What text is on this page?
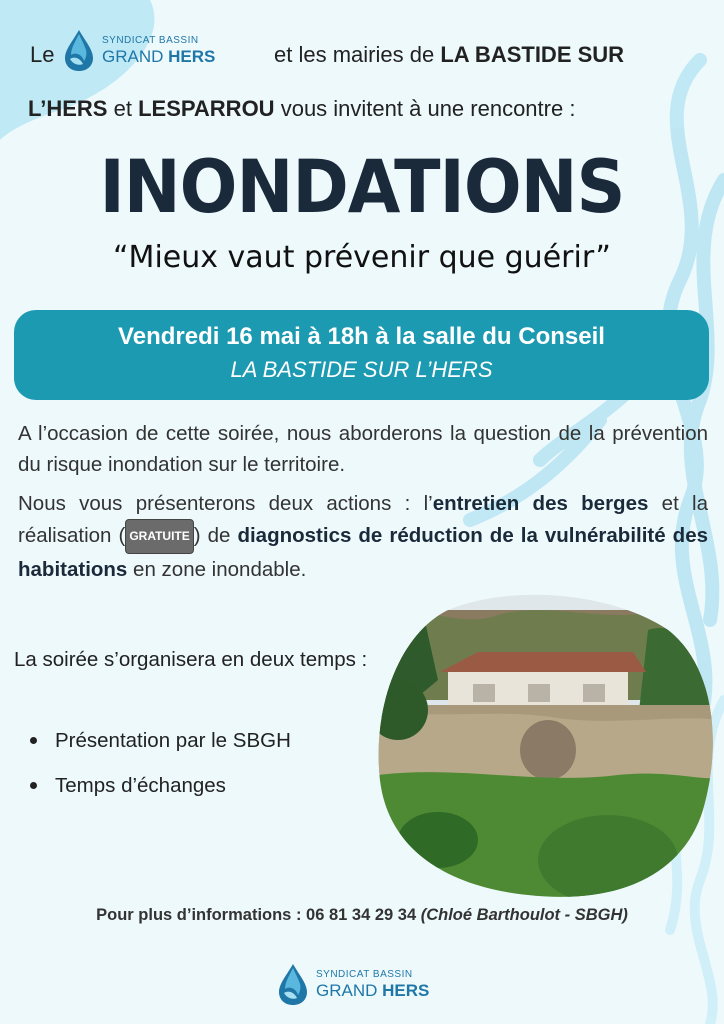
Le
SYNDICAT BASSIN
GRAND HERS	et les mairies de LA BASTIDE SUR
L’HERS et LESPARROU vous invitent à une rencontre :
INONDATIONS
“Mieux vaut prévenir que guérir”
Vendredi 16 mai à 18h à la salle du Conseil
LA BASTIDE SUR L’HERS
A l’occasion de cette soirée, nous aborderons la question de la prévention du risque inondation sur le territoire.
Nous vous présenterons deux actions : l’entretien des berges et la réalisation ( GRATUITE ) de diagnostics de réduction de la vulnérabilité des habitations en zone inondable.
La soirée s’organisera en deux temps :
Présentation par le SBGH
Temps d’échanges
Pour plus d’informations : 06 81 34 29 34 (Chloé Barthoulot - SBGH)
SYNDICAT BASSIN
GRAND HERS
